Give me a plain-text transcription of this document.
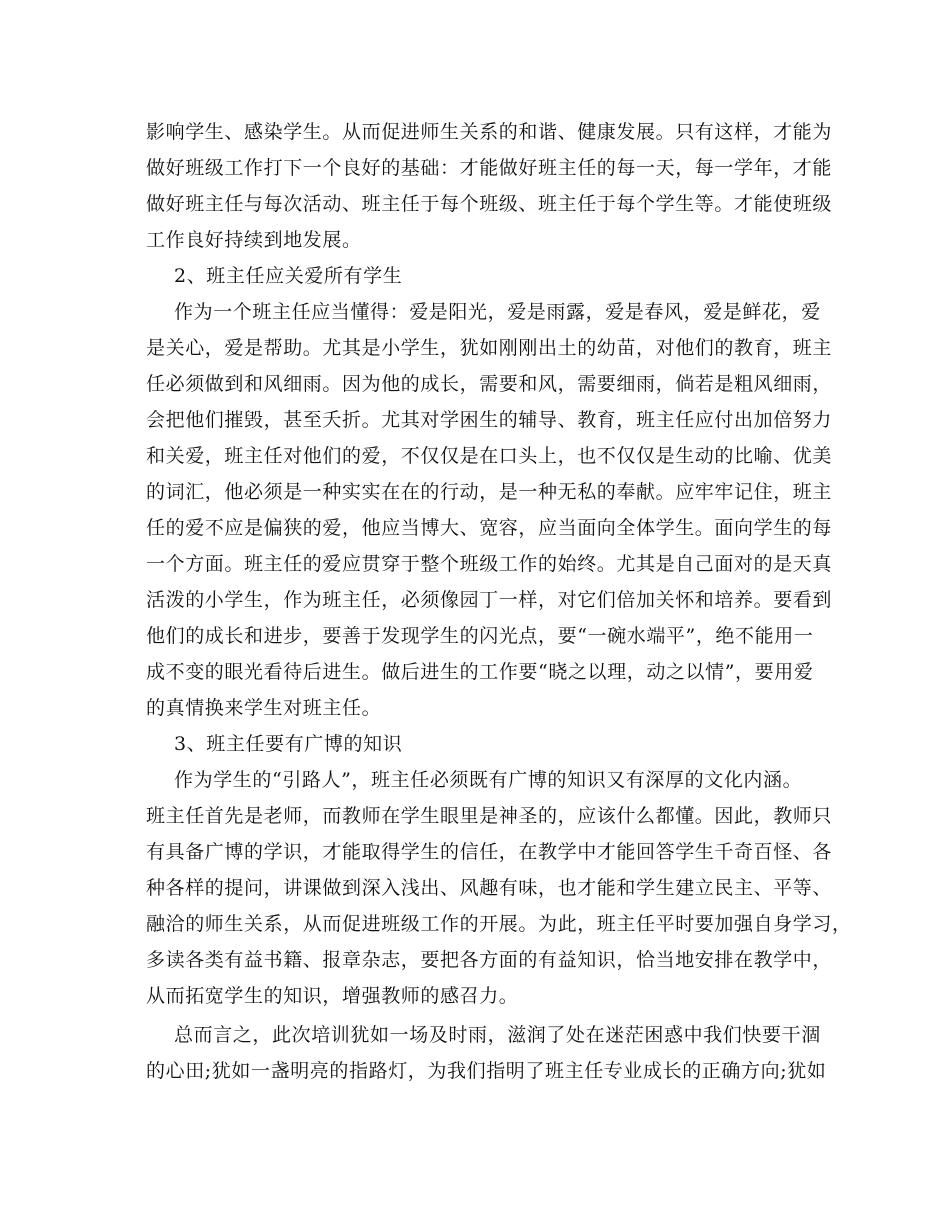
影响学生、感染学生。从而促进师生关系的和谐、健康发展。只有这样，才能为
做好班级工作打下一个良好的基础：才能做好班主任的每一天，每一学年，才能
做好班主任与每次活动、班主任于每个班级、班主任于每个学生等。才能使班级
工作良好持续到地发展。
2、班主任应关爱所有学生
作为一个班主任应当懂得：爱是阳光，爱是雨露，爱是春风，爱是鲜花，爱
是关心，爱是帮助。尤其是小学生，犹如刚刚出土的幼苗，对他们的教育，班主
任必须做到和风细雨。因为他的成长，需要和风，需要细雨，倘若是粗风细雨，
会把他们摧毁，甚至夭折。尤其对学困生的辅导、教育，班主任应付出加倍努力
和关爱，班主任对他们的爱，不仅仅是在口头上，也不仅仅是生动的比喻、优美
的词汇，他必须是一种实实在在的行动，是一种无私的奉献。应牢牢记住，班主
任的爱不应是偏狭的爱，他应当博大、宽容，应当面向全体学生。面向学生的每
一个方面。班主任的爱应贯穿于整个班级工作的始终。尤其是自己面对的是天真
活泼的小学生，作为班主任，必须像园丁一样，对它们倍加关怀和培养。要看到
他们的成长和进步，要善于发现学生的闪光点，要“一碗水端平”，绝不能用一
成不变的眼光看待后进生。做后进生的工作要“晓之以理，动之以情”，要用爱
的真情换来学生对班主任。
3、班主任要有广博的知识
作为学生的“引路人”，班主任必须既有广博的知识又有深厚的文化内涵。
班主任首先是老师，而教师在学生眼里是神圣的，应该什么都懂。因此，教师只
有具备广博的学识，才能取得学生的信任，在教学中才能回答学生千奇百怪、各
种各样的提问，讲课做到深入浅出、风趣有味，也才能和学生建立民主、平等、
融洽的师生关系，从而促进班级工作的开展。为此，班主任平时要加强自身学习，
多读各类有益书籍、报章杂志，要把各方面的有益知识，恰当地安排在教学中，
从而拓宽学生的知识，增强教师的感召力。
总而言之，此次培训犹如一场及时雨，滋润了处在迷茫困惑中我们快要干涸
的心田;犹如一盏明亮的指路灯，为我们指明了班主任专业成长的正确方向;犹如
